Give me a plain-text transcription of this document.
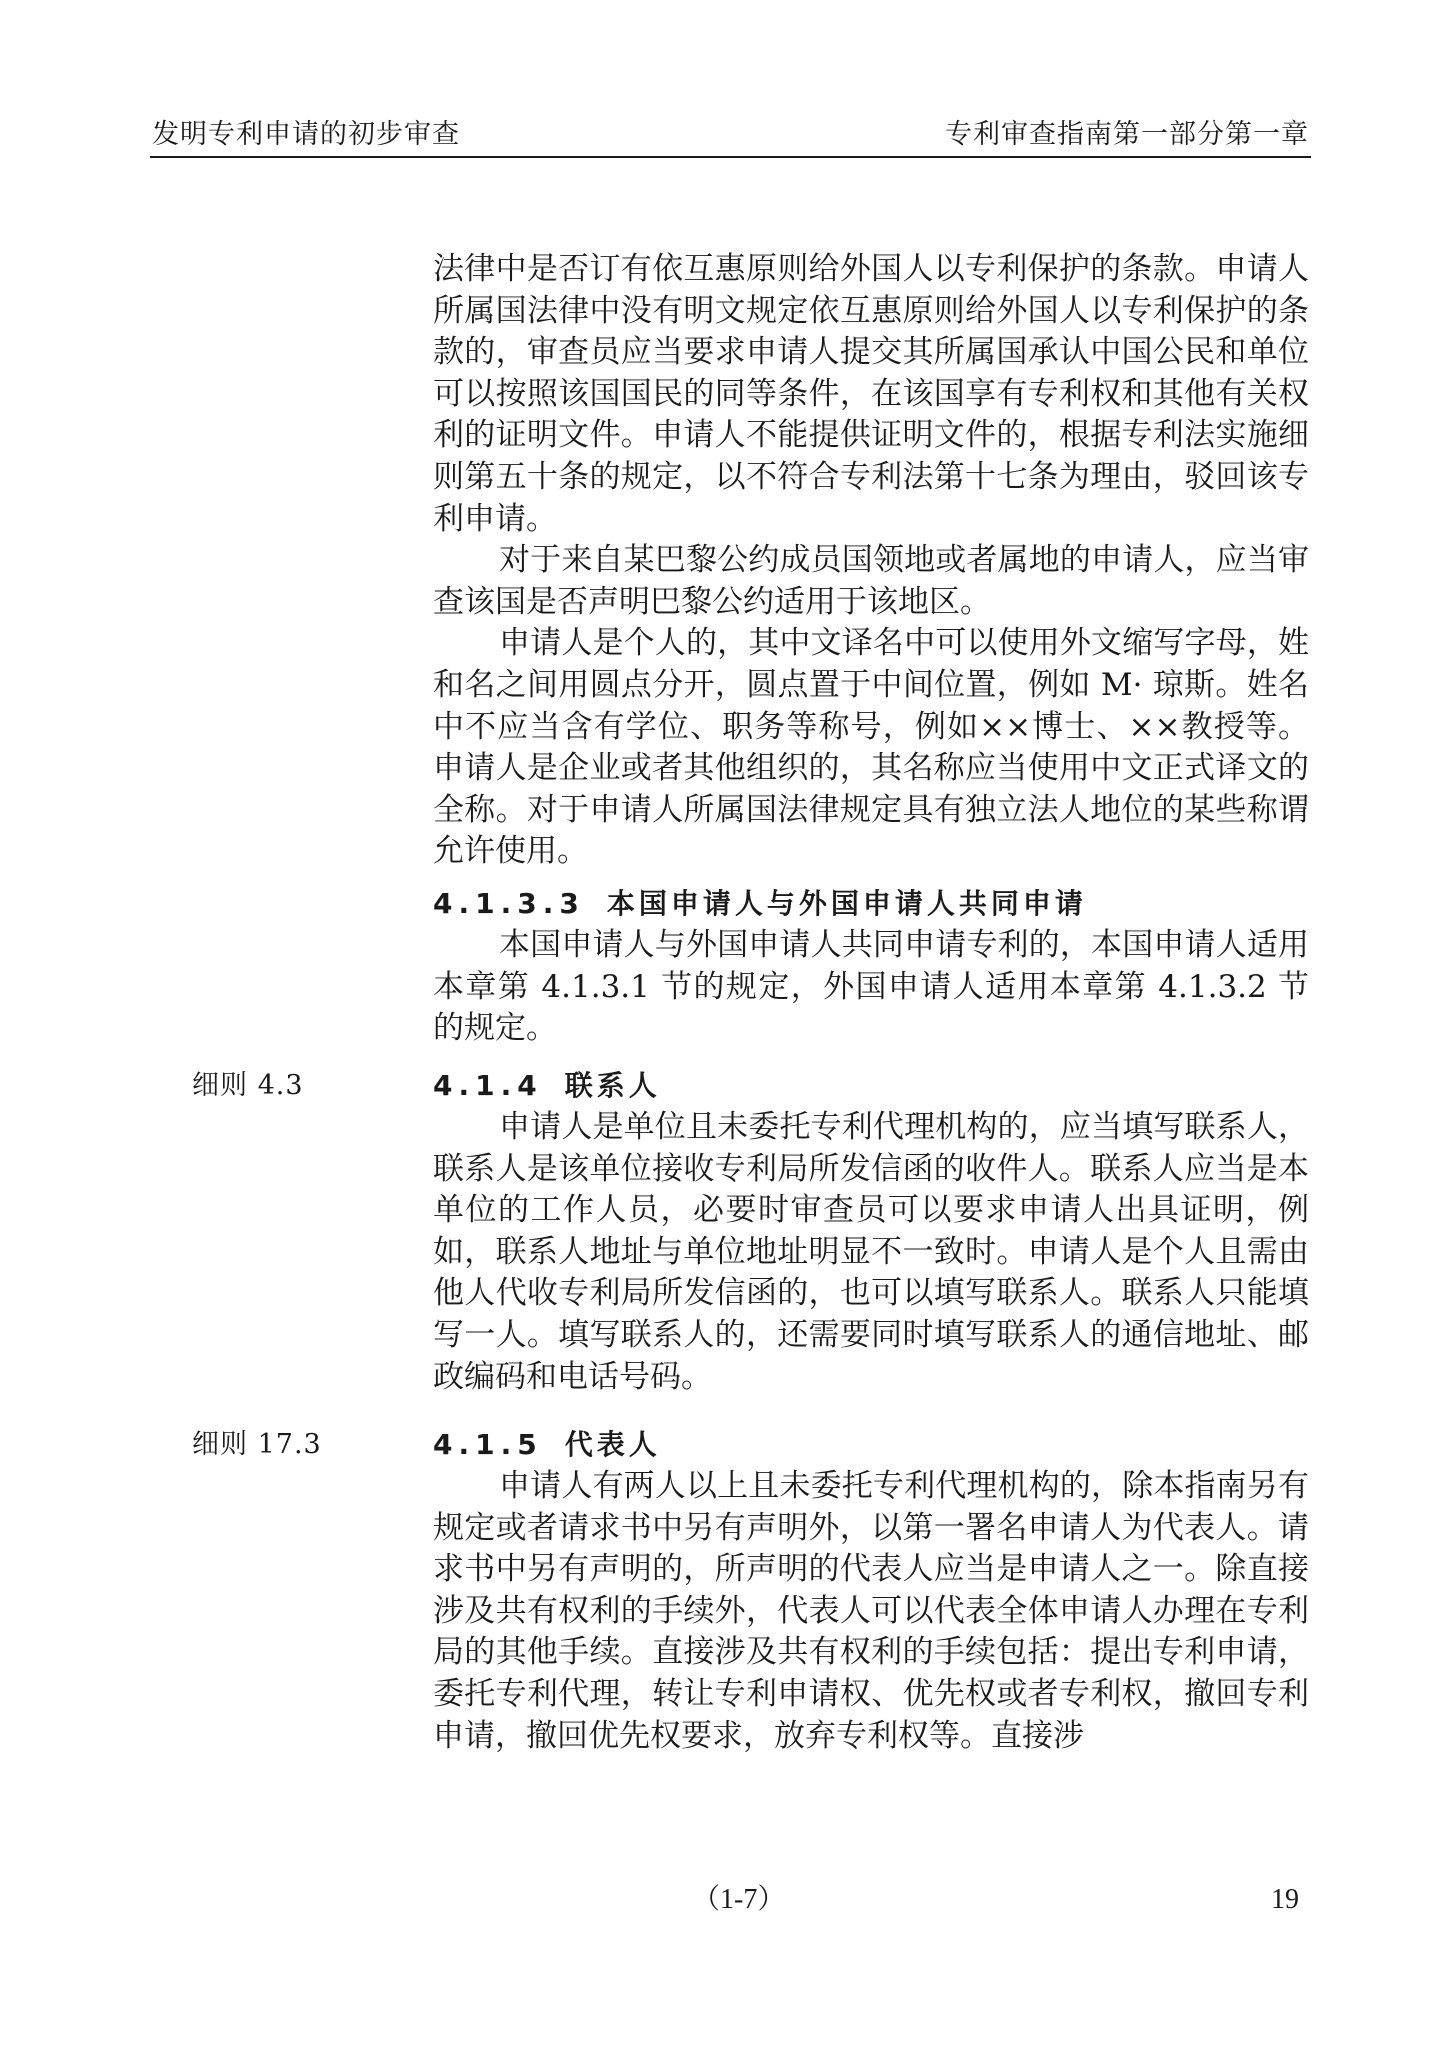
发明专利申请的初步审查	专利审查指南第一部分第一章

法律中是否订有依互惠原则给外国人以专利保护的条款。申请人所属国法律中没有明文规定依互惠原则给外国人以专利保护的条款的，审查员应当要求申请人提交其所属国承认中国公民和单位可以按照该国国民的同等条件，在该国享有专利权和其他有关权利的证明文件。申请人不能提供证明文件的，根据专利法实施细则第五十条的规定，以不符合专利法第十七条为理由，驳回该专利申请。

对于来自某巴黎公约成员国领地或者属地的申请人，应当审查该国是否声明巴黎公约适用于该地区。

申请人是个人的，其中文译名中可以使用外文缩写字母，姓和名之间用圆点分开，圆点置于中间位置，例如 M· 琼斯。姓名中不应当含有学位、职务等称号，例如××博士、××教授等。申请人是企业或者其他组织的，其名称应当使用中文正式译文的全称。对于申请人所属国法律规定具有独立法人地位的某些称谓允许使用。

4.1.3.3 本国申请人与外国申请人共同申请

本国申请人与外国申请人共同申请专利的，本国申请人适用本章第 4.1.3.1 节的规定，外国申请人适用本章第 4.1.3.2 节的规定。

细则 4.3	4.1.4 联系人

申请人是单位且未委托专利代理机构的，应当填写联系人，联系人是该单位接收专利局所发信函的收件人。联系人应当是本单位的工作人员，必要时审查员可以要求申请人出具证明，例如，联系人地址与单位地址明显不一致时。申请人是个人且需由他人代收专利局所发信函的，也可以填写联系人。联系人只能填写一人。填写联系人的，还需要同时填写联系人的通信地址、邮政编码和电话号码。

细则 17.3	4.1.5 代表人

申请人有两人以上且未委托专利代理机构的，除本指南另有规定或者请求书中另有声明外，以第一署名申请人为代表人。请求书中另有声明的，所声明的代表人应当是申请人之一。除直接涉及共有权利的手续外，代表人可以代表全体申请人办理在专利局的其他手续。直接涉及共有权利的手续包括：提出专利申请，委托专利代理，转让专利申请权、优先权或者专利权，撤回专利申请，撤回优先权要求，放弃专利权等。直接涉

（1-7）	19
